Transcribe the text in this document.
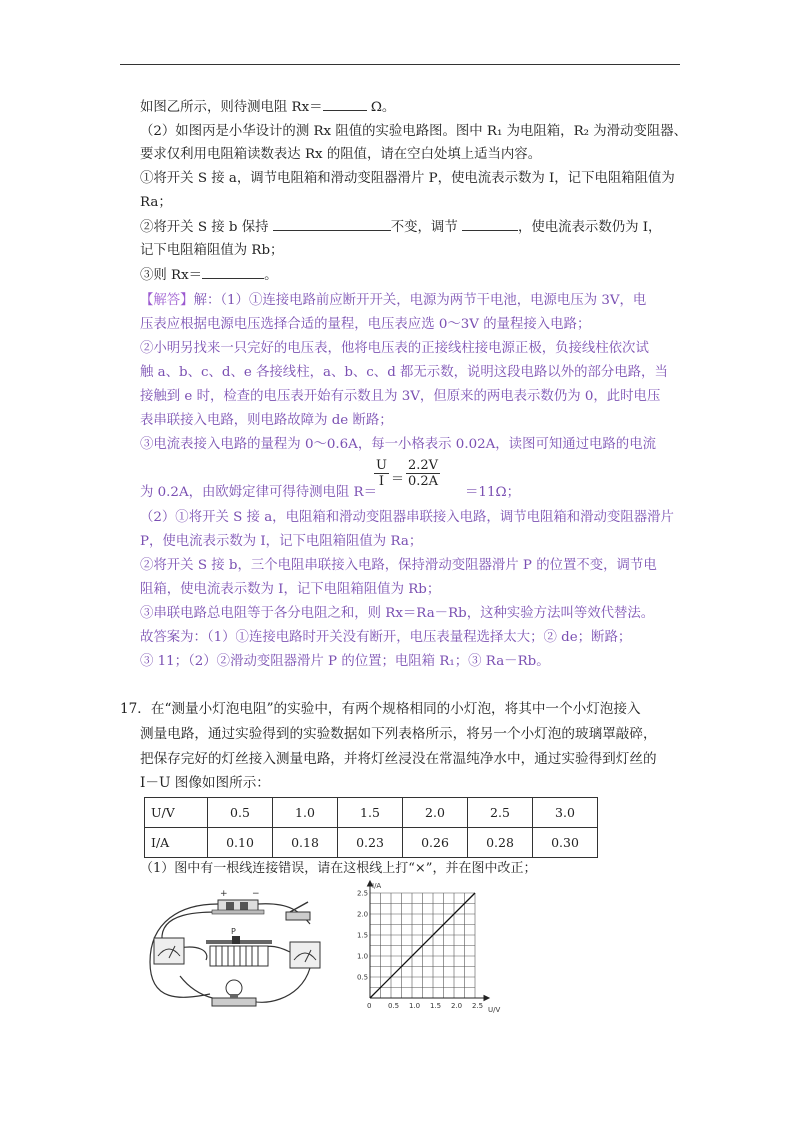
如图乙所示，则待测电阻 Rx＝	Ω。
（2）如图丙是小华设计的测 Rx 阻值的实验电路图。图中 R₁ 为电阻箱，R₂ 为滑动变阻器、
要求仅利用电阻箱读数表达 Rx 的阻值，请在空白处填上适当内容。
①将开关 S 接 a，调节电阻箱和滑动变阻器滑片 P，使电流表示数为 I，记下电阻箱阻值为
Ra；
②将开关 S 接 b 保持	不变，调节	，使电流表示数仍为 I，
记下电阻箱阻值为 Rb；
③则 Rx＝	。
【解答】解：（1）①连接电路前应断开开关，电源为两节干电池，电源电压为 3V，电
压表应根据电源电压选择合适的量程，电压表应选 0～3V 的量程接入电路；
②小明另找来一只完好的电压表，他将电压表的正接线柱接电源正极，负接线柱依次试
触 a、b、c、d、e 各接线柱，a、b、c、d 都无示数，说明这段电路以外的部分电路，当
接触到 e 时，检查的电压表开始有示数且为 3V，但原来的两电表示数仍为 0，此时电压
表串联接入电路，则电路故障为 de 断路；
③电流表接入电路的量程为 0～0.6A，每一小格表示 0.02A，读图可知通过电路的电流
$\frac{U}{I} = \frac{2.2V}{0.2A}$
为 0.2A，由欧姆定律可得待测电阻 R＝	＝11Ω；
（2）①将开关 S 接 a，电阻箱和滑动变阻器串联接入电路，调节电阻箱和滑动变阻器滑片
P，使电流表示数为 I，记下电阻箱阻值为 Ra；
②将开关 S 接 b，三个电阻串联接入电路，保持滑动变阻器滑片 P 的位置不变，调节电
阻箱，使电流表示数为 I，记下电阻箱阻值为 Rb；
③串联电路总电阻等于各分电阻之和，则 Rx＝Ra－Rb，这种实验方法叫等效代替法。
故答案为：（1）①连接电路时开关没有断开，电压表量程选择太大；② de；断路；
③ 11；（2）②滑动变阻器滑片 P 的位置；电阻箱 R₁；③ Ra－Rb。
17．在“测量小灯泡电阻”的实验中，有两个规格相同的小灯泡，将其中一个小灯泡接入
测量电路，通过实验得到的实验数据如下列表格所示，将另一个小灯泡的玻璃罩敲碎，
把保存完好的灯丝接入测量电路，并将灯丝浸没在常温纯净水中，通过实验得到灯丝的
I－U 图像如图所示：
U/V	0.5	1.0	1.5	2.0	2.5	3.0
I/A	0.10	0.18	0.23	0.26	0.28	0.30
（1）图中有一根线连接错误，请在这根线上打“×”，并在图中改正；
+	−
P
0 0.5 1.0 1.5 2.0 2.5
0.5
1.0
1.5
2.0
2.5
I/A
U/V
